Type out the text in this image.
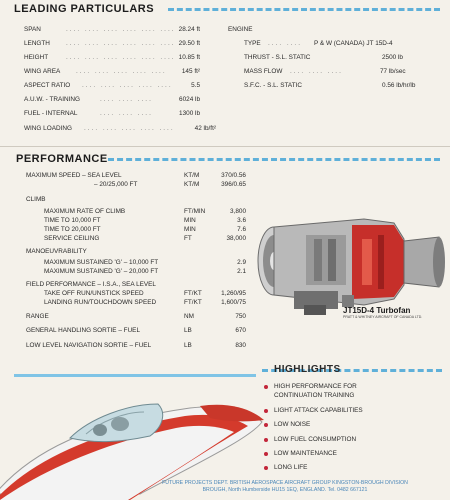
LEADING PARTICULARS
SPAN	.... .... .... .... .... .... 28.24 ft
LENGTH	.... .... .... .... .... .... 29.50 ft
HEIGHT	.... .... .... .... .... .... 10.85 ft
WING AREA .... .... .... .... ....	145 ft²
ASPECT RATIO .... .... .... .... ....	5.5
A.U.W. - TRAINING	.... .... ....	6024 lb
FUEL - INTERNAL	.... .... ....	1300 lb
WING LOADING .... .... .... .... ....	42 lb/ft²
ENGINE
TYPE .... .... P & W (CANADA) JT 15D-4
THRUST - S.L. STATIC	2500 lb
MASS FLOW .... .... ....	77 lb/sec
S.F.C. - S.L. STATIC	0.56 lb/hr/lb
PERFORMANCE
MAXIMUM SPEED – SEA LEVEL	KT/M	370/0.56
– 20/25,000 FT	KT/M	396/0.65
CLIMB
MAXIMUM RATE OF CLIMB	FT/MIN	3,800
TIME TO 10,000 FT	MIN	3.6
TIME TO 20,000 FT	MIN	7.6
SERVICE CEILING	FT	38,000
MANOEUVRABILITY
MAXIMUM SUSTAINED 'G' – 10,000 FT	2.9
MAXIMUM SUSTAINED 'G' – 20,000 FT	2.1
FIELD PERFORMANCE – I.S.A., SEA LEVEL
TAKE OFF RUN/UNSTICK SPEED	FT/KT	1,260/95
LANDING RUN/TOUCHDOWN SPEED	FT/KT	1,600/75
RANGE	NM	750
GENERAL HANDLING SORTIE – FUEL	LB	670
LOW LEVEL NAVIGATION SORTIE – FUEL	LB	830
JT15D-4 Turbofan
PRATT & WHITNEY AIRCRAFT OF CANADA LTD.
HIGHLIGHTS
HIGH PERFORMANCE FOR
CONTINUATION TRAINING
LIGHT ATTACK CAPABILITIES
LOW NOISE
LOW FUEL CONSUMPTION
LOW MAINTENANCE
LONG LIFE
FUTURE PROJECTS DEPT. BRITISH AEROSPACE AIRCRAFT GROUP KINGSTON-BROUGH DIVISION
BROUGH, North Humberside HU15 1EQ, ENGLAND. Tel. 0482 667121
